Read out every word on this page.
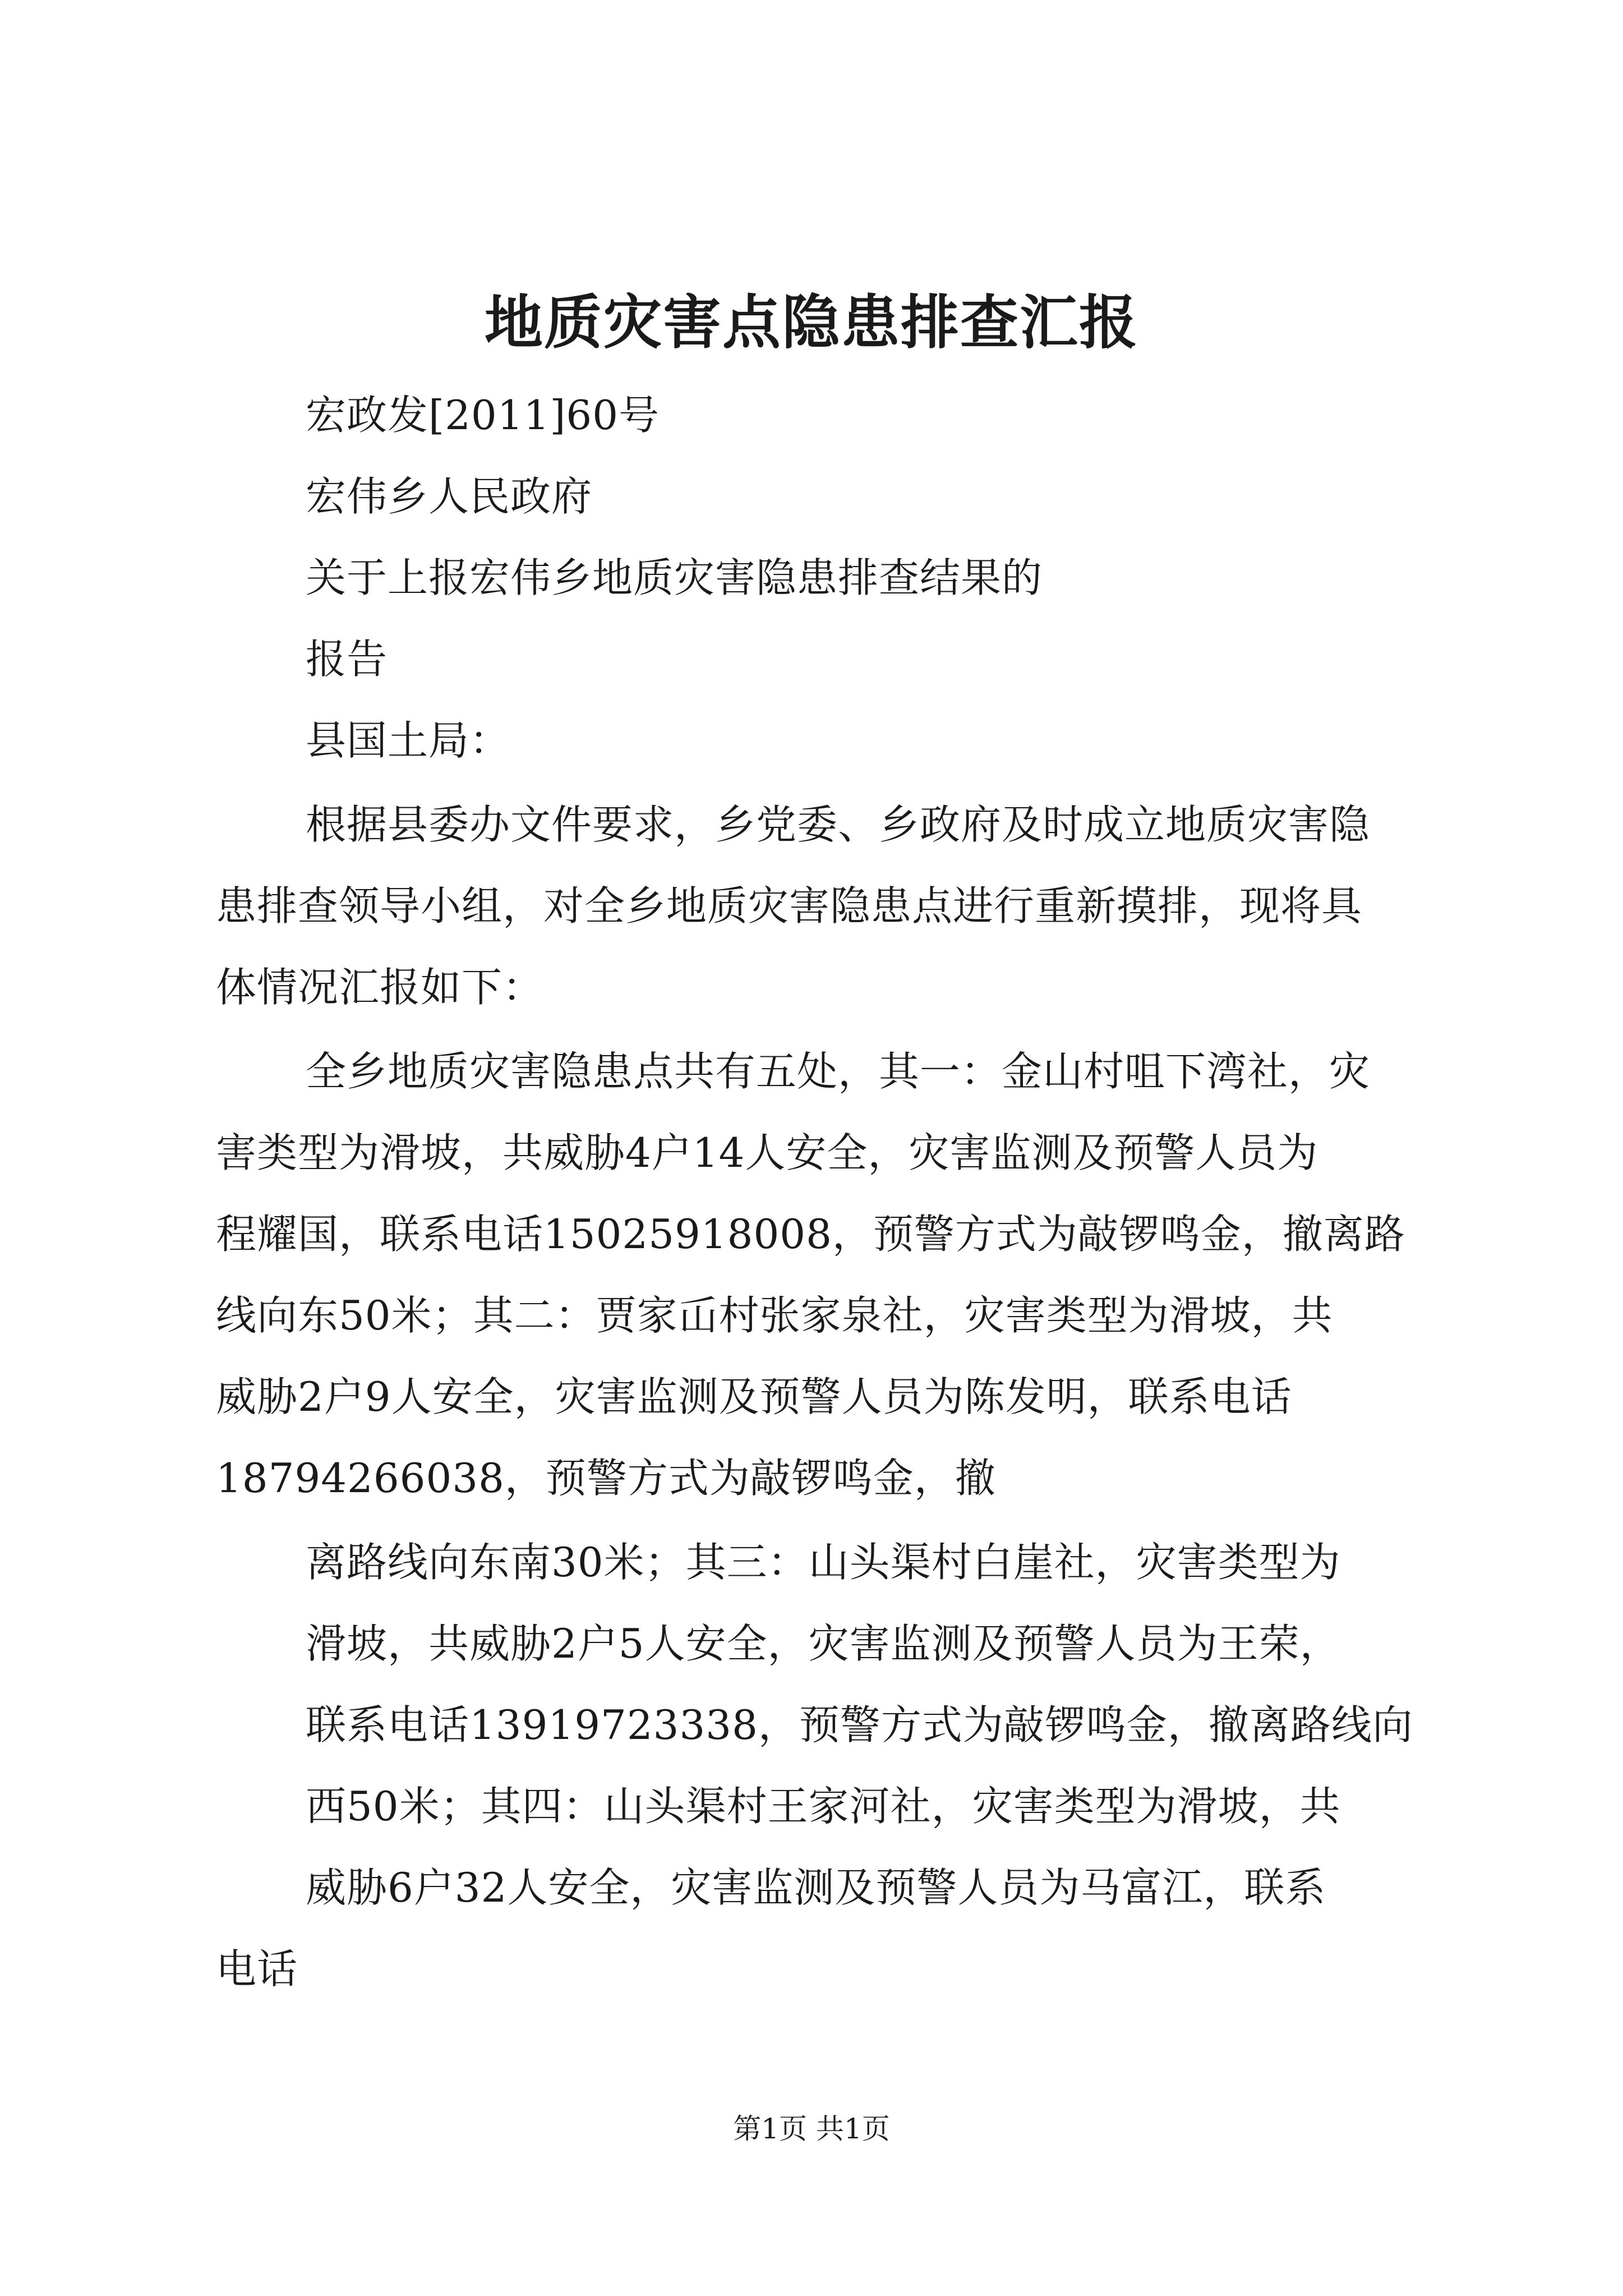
地质灾害点隐患排查汇报
宏政发[2011]60号
宏伟乡人民政府
关于上报宏伟乡地质灾害隐患排查结果的
报告
县国土局：
根据县委办文件要求，乡党委、乡政府及时成立地质灾害隐
患排查领导小组，对全乡地质灾害隐患点进行重新摸排，现将具
体情况汇报如下：
全乡地质灾害隐患点共有五处，其一：金山村咀下湾社，灾
害类型为滑坡，共威胁4户14人安全，灾害监测及预警人员为
程耀国，联系电话15025918008，预警方式为敲锣鸣金，撤离路
线向东50米；其二：贾家屲村张家泉社，灾害类型为滑坡，共
威胁2户9人安全，灾害监测及预警人员为陈发明，联系电话
18794266038，预警方式为敲锣鸣金，撤
离路线向东南30米；其三：山头渠村白崖社，灾害类型为
滑坡，共威胁2户5人安全，灾害监测及预警人员为王荣，
联系电话13919723338，预警方式为敲锣鸣金，撤离路线向
西50米；其四：山头渠村王家河社，灾害类型为滑坡，共
威胁6户32人安全，灾害监测及预警人员为马富江，联系
电话
第1页 共1页
